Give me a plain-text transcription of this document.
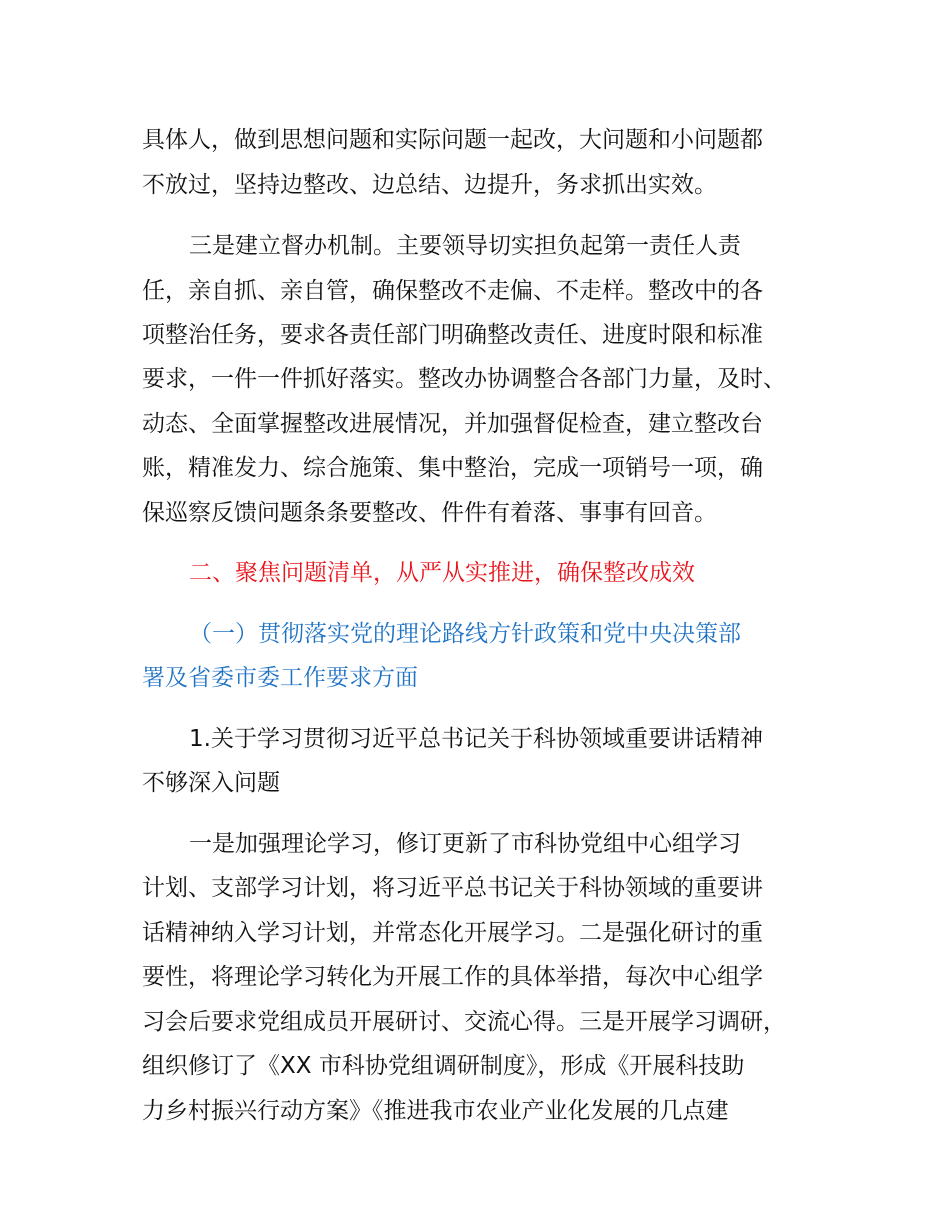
具体人，做到思想问题和实际问题一起改，大问题和小问题都
不放过，坚持边整改、边总结、边提升，务求抓出实效。
三是建立督办机制。主要领导切实担负起第一责任人责
任，亲自抓、亲自管，确保整改不走偏、不走样。整改中的各
项整治任务，要求各责任部门明确整改责任、进度时限和标准
要求，一件一件抓好落实。整改办协调整合各部门力量，及时、
动态、全面掌握整改进展情况，并加强督促检查，建立整改台
账，精准发力、综合施策、集中整治，完成一项销号一项，确
保巡察反馈问题条条要整改、件件有着落、事事有回音。
二、聚焦问题清单，从严从实推进，确保整改成效
（一）贯彻落实党的理论路线方针政策和党中央决策部
署及省委市委工作要求方面
1.关于学习贯彻习近平总书记关于科协领域重要讲话精神
不够深入问题
一是加强理论学习，修订更新了市科协党组中心组学习
计划、支部学习计划，将习近平总书记关于科协领域的重要讲
话精神纳入学习计划，并常态化开展学习。二是强化研讨的重
要性，将理论学习转化为开展工作的具体举措，每次中心组学
习会后要求党组成员开展研讨、交流心得。三是开展学习调研，
组织修订了《XX 市科协党组调研制度》，形成《开展科技助
力乡村振兴行动方案》《推进我市农业产业化发展的几点建
